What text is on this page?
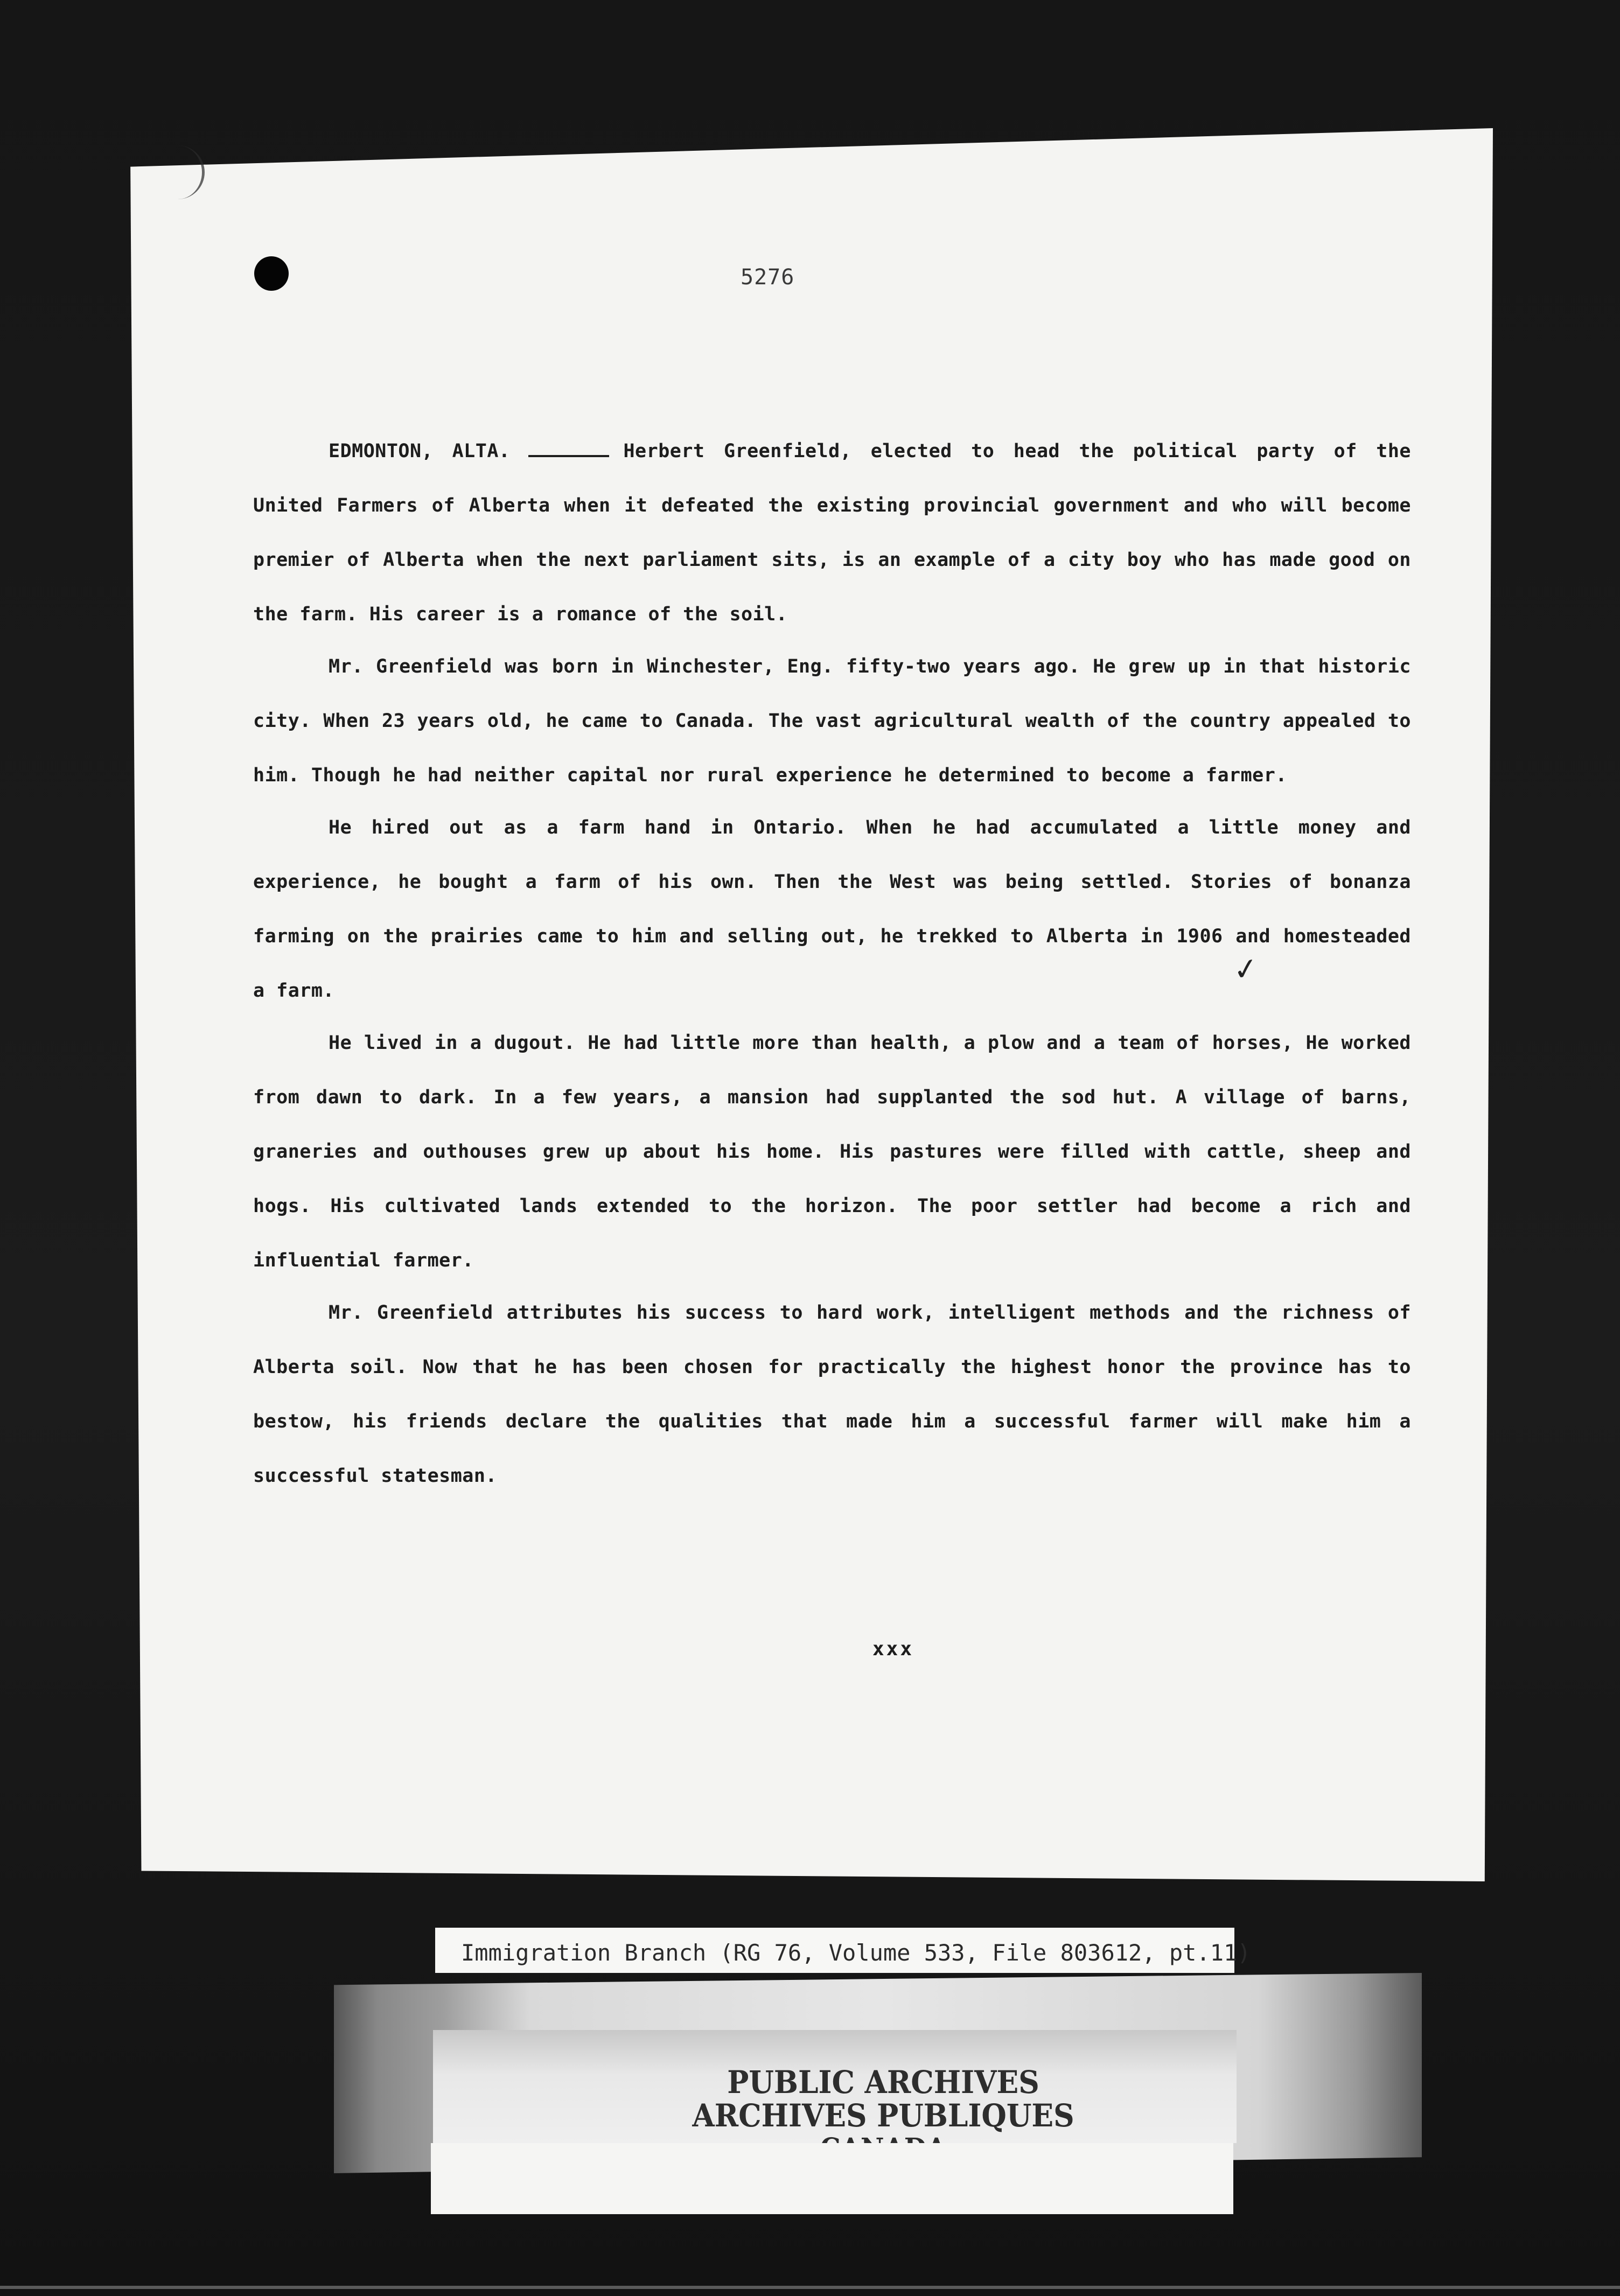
5276

EDMONTON, ALTA.	Herbert Greenfield, elected to head the political party of the United Farmers of Alberta when it defeated the existing provincial government and who will become premier of Alberta when the next parliament sits, is an example of a city boy who has made good on the farm. His career is a romance of the soil.

Mr. Greenfield was born in Winchester, Eng. fifty-two years ago. He grew up in that historic city. When 23 years old, he came to Canada. The vast agricultural wealth of the country appealed to him. Though he had neither capital nor rural experience he determined to become a farmer.

He hired out as a farm hand in Ontario. When he had accumulated a little money and experience, he bought a farm of his own. Then the West was being settled. Stories of bonanza farming on the prairies came to him and selling out, he trekked to Alberta in 1906 and homesteaded a farm.

He lived in a dugout. He had little more than health, a plow and a team of horses, He worked from dawn to dark. In a few years, a mansion had supplanted the sod hut. A village of barns, graneries and outhouses grew up about his home. His pastures were filled with cattle, sheep and hogs. His cultivated lands extended to the horizon. The poor settler had become a rich and influential farmer.

Mr. Greenfield attributes his success to hard work, intelligent methods and the richness of Alberta soil. Now that he has been chosen for practically the highest honor the province has to bestow, his friends declare the qualities that made him a successful farmer will make him a successful statesman.

✓
xxx
Immigration Branch (RG 76, Volume 533, File 803612, pt.11)
PUBLIC ARCHIVES
ARCHIVES PUBLIQUES
